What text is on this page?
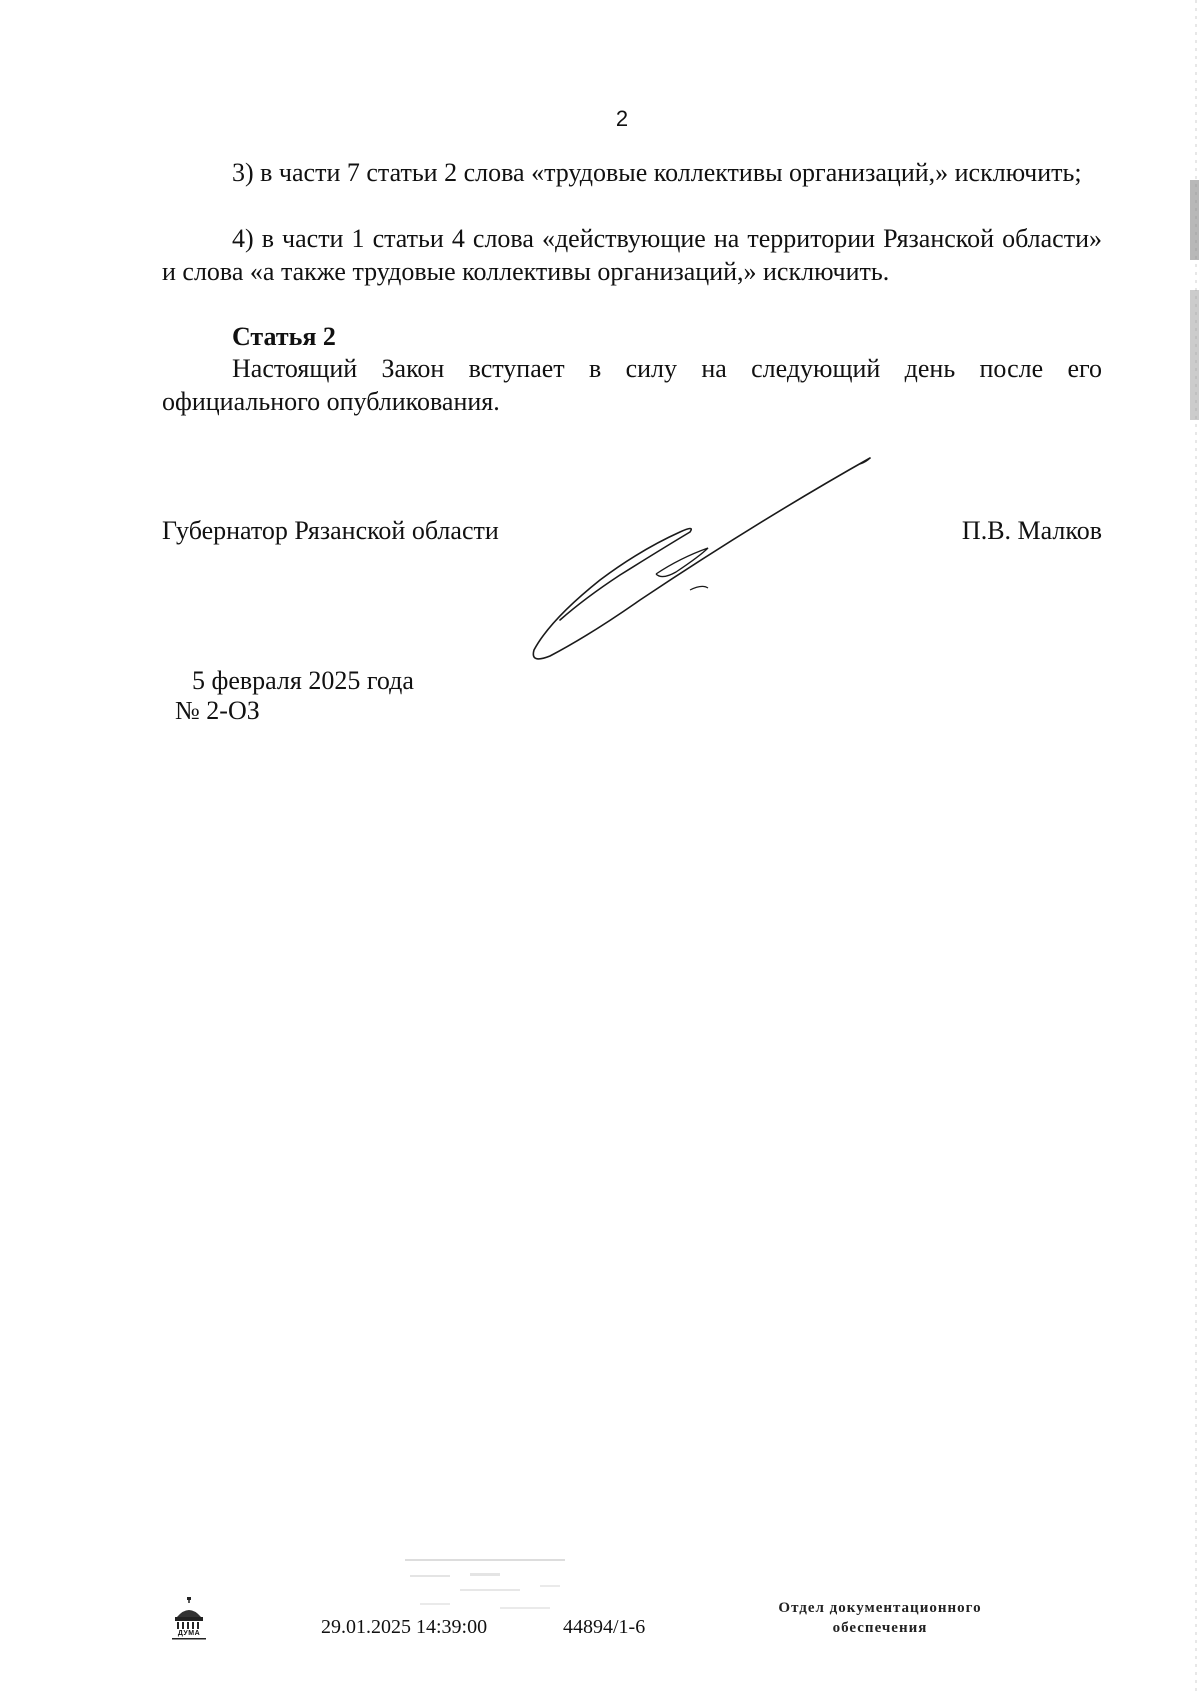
2

3) в части 7 статьи 2 слова «трудовые коллективы организаций,» исключить;

4) в части 1 статьи 4 слова «действующие на территории Рязанской области» и слова «а также трудовые коллективы организаций,» исключить.

Статья 2

Настоящий Закон вступает в силу на следующий день после его официального опубликования.

Губернатор Рязанской области	П.В. Малков
5 февраля 2025 года
№ 2-ОЗ
ДУМА	29.01.2025 14:39:00	44894/1-6
Отдел документационного
обеспечения
